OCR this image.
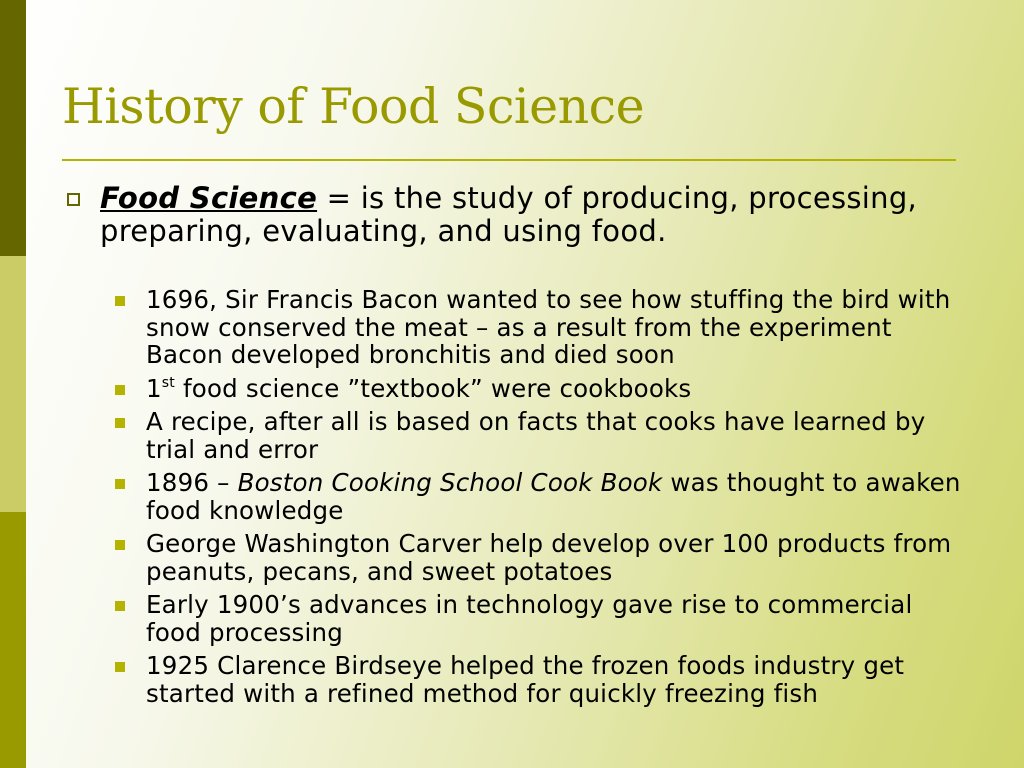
History of Food Science
Food Science = is the study of producing, processing, preparing, evaluating, and using food.
1696, Sir Francis Bacon wanted to see how stuffing the bird with snow conserved the meat – as a result from the experiment Bacon developed bronchitis and died soon
1st food science ”textbook” were cookbooks
A recipe, after all is based on facts that cooks have learned by trial and error
1896 – Boston Cooking School Cook Book was thought to awaken food knowledge
George Washington Carver help develop over 100 products from peanuts, pecans, and sweet potatoes
Early 1900’s advances in technology gave rise to commercial food processing
1925 Clarence Birdseye helped the frozen foods industry get started with a refined method for quickly freezing fish
